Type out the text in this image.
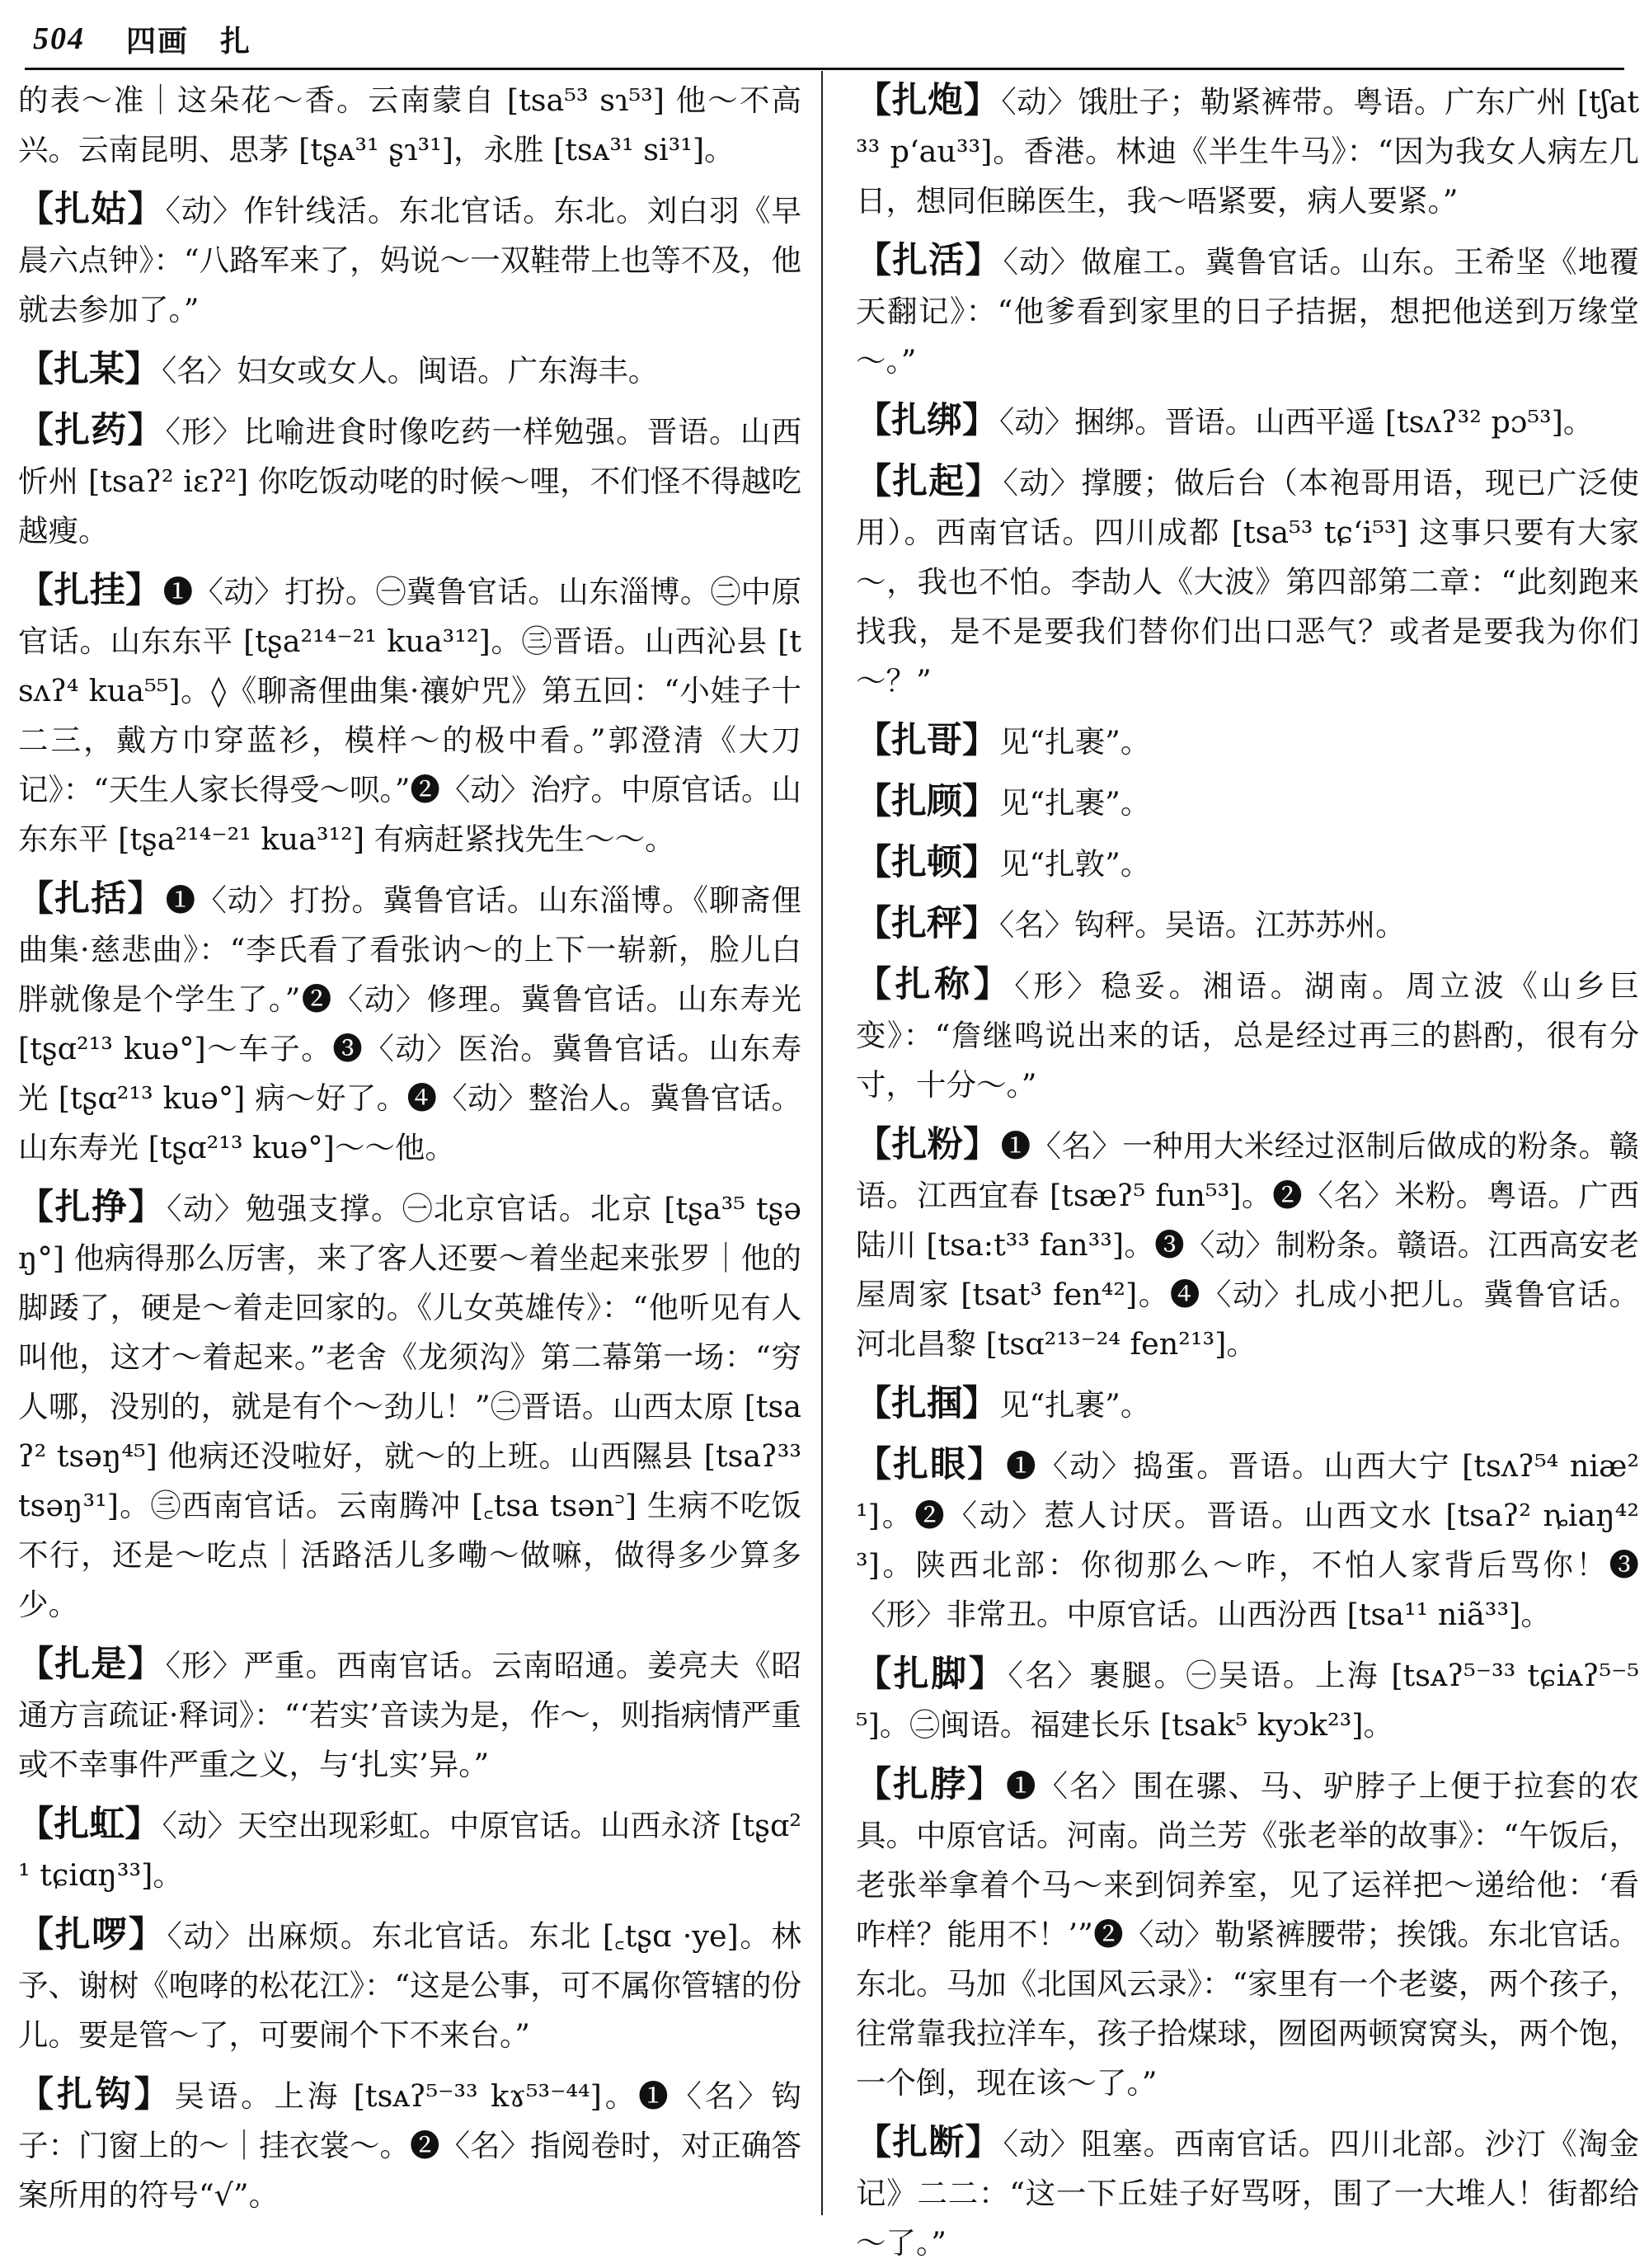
504 四画　扎

的表～准｜这朵花～香。云南蒙自 [tsa⁵³ sɿ⁵³] 他～不高兴。云南昆明、思茅 [tʂᴀ³¹ ʂɿ³¹]，永胜 [tsᴀ³¹ si³¹]。

【扎姑】〈动〉作针线活。东北官话。东北。刘白羽《早晨六点钟》：“八路军来了，妈说～一双鞋带上也等不及，他就去参加了。”

【扎某】〈名〉妇女或女人。闽语。广东海丰。

【扎药】〈形〉比喻进食时像吃药一样勉强。晋语。山西忻州 [tsaʔ² iɛʔ²] 你吃饭动咾的时候～哩，不们怪不得越吃越瘦。

【扎挂】❶〈动〉打扮。㊀冀鲁官话。山东淄博。㊁中原官话。山东东平 [tʂa²¹⁴⁻²¹ kua³¹²]。㊂晋语。山西沁县 [tsᴧʔ⁴ kua⁵⁵]。◊《聊斋俚曲集·禳妒咒》第五回：“小娃子十二三，戴方巾穿蓝衫，模样～的极中看。”郭澄清《大刀记》：“天生人家长得受～呗。”❷〈动〉治疗。中原官话。山东东平 [tʂa²¹⁴⁻²¹ kua³¹²] 有病赶紧找先生～～。

【扎括】❶〈动〉打扮。冀鲁官话。山东淄博。《聊斋俚曲集·慈悲曲》：“李氏看了看张讷～的上下一崭新，脸儿白胖就像是个学生了。”❷〈动〉修理。冀鲁官话。山东寿光 [tʂɑ²¹³ kuə°]～车子。❸〈动〉医治。冀鲁官话。山东寿光 [tʂɑ²¹³ kuə°] 病～好了。❹〈动〉整治人。冀鲁官话。山东寿光 [tʂɑ²¹³ kuə°]～～他。

【扎挣】〈动〉勉强支撑。㊀北京官话。北京 [tʂa³⁵ tʂəŋ°] 他病得那么厉害，来了客人还要～着坐起来张罗｜他的脚踒了，硬是～着走回家的。《儿女英雄传》：“他听见有人叫他，这才～着起来。”老舍《龙须沟》第二幕第一场：“穷人哪，没别的，就是有个～劲儿！”㊁晋语。山西太原 [tsaʔ² tsəŋ⁴⁵] 他病还没啦好，就～的上班。山西隰县 [tsaʔ³³ tsəŋ³¹]。㊂西南官话。云南腾冲 [꜀tsa tsən꜄] 生病不吃饭不行，还是～吃点｜活路活儿多嘞～做嘛，做得多少算多少。

【扎是】〈形〉严重。西南官话。云南昭通。姜亮夫《昭通方言疏证·释词》：“‘若实’音读为是，作～，则指病情严重或不幸事件严重之义，与‘扎实’异。”

【扎虹】〈动〉天空出现彩虹。中原官话。山西永济 [tʂɑ²¹ tɕiɑŋ³³]。

【扎啰】〈动〉出麻烦。东北官话。东北 [꜀tʂɑ ·ye]。林予、谢树《咆哮的松花江》：“这是公事，可不属你管辖的份儿。要是管～了，可要闹个下不来台。”

【扎钩】吴语。上海 [tsᴀʔ⁵⁻³³ kɤ⁵³⁻⁴⁴]。❶〈名〉钩子：门窗上的～｜挂衣裳～。❷〈名〉指阅卷时，对正确答案所用的符号“√”。

【扎炮】〈动〉饿肚子；勒紧裤带。粤语。广东广州 [tʃat³³ pʻau³³]。香港。林迪《半生牛马》：“因为我女人病左几日，想同佢睇医生，我～唔紧要，病人要紧。”

【扎活】〈动〉做雇工。冀鲁官话。山东。王希坚《地覆天翻记》：“他爹看到家里的日子拮据，想把他送到万缘堂～。”

【扎绑】〈动〉捆绑。晋语。山西平遥 [tsᴧʔ³² pɔ⁵³]。

【扎起】〈动〉撑腰；做后台（本袍哥用语，现已广泛使用）。西南官话。四川成都 [tsa⁵³ tɕʻi⁵³] 这事只要有大家～，我也不怕。李劼人《大波》第四部第二章：“此刻跑来找我，是不是要我们替你们出口恶气？或者是要我为你们～？”

【扎哥】见“扎裹”。

【扎顾】见“扎裹”。

【扎顿】见“扎敦”。

【扎秤】〈名〉钩秤。吴语。江苏苏州。

【扎称】〈形〉稳妥。湘语。湖南。周立波《山乡巨变》：“詹继鸣说出来的话，总是经过再三的斟酌，很有分寸，十分～。”

【扎粉】❶〈名〉一种用大米经过沤制后做成的粉条。赣语。江西宜春 [tsæʔ⁵ fun⁵³]。❷〈名〉米粉。粤语。广西陆川 [tsa:t³³ fan³³]。❸〈动〉制粉条。赣语。江西高安老屋周家 [tsat³ fen⁴²]。❹〈动〉扎成小把儿。冀鲁官话。河北昌黎 [tsɑ²¹³⁻²⁴ fen²¹³]。

【扎掴】见“扎裹”。

【扎眼】❶〈动〉捣蛋。晋语。山西大宁 [tsᴧʔ⁵⁴ niæ²¹]。❷〈动〉惹人讨厌。晋语。山西文水 [tsaʔ² ȵiaŋ⁴²³]。陕西北部：你彻那么～咋，不怕人家背后骂你！❸〈形〉非常丑。中原官话。山西汾西 [tsa¹¹ niã³³]。

【扎脚】〈名〉裹腿。㊀吴语。上海 [tsᴀʔ⁵⁻³³ tɕiᴀʔ⁵⁻⁵⁵]。㊁闽语。福建长乐 [tsak⁵ kyɔk²³]。

【扎脖】❶〈名〉围在骡、马、驴脖子上便于拉套的农具。中原官话。河南。尚兰芳《张老举的故事》：“午饭后，老张举拿着个马～来到饲养室，见了运祥把～递给他：‘看咋样？能用不！’”❷〈动〉勒紧裤腰带；挨饿。东北官话。东北。马加《北国风云录》：“家里有一个老婆，两个孩子，往常靠我拉洋车，孩子拾煤球，囫囵两顿窝窝头，两个饱，一个倒，现在该～了。”

【扎断】〈动〉阻塞。西南官话。四川北部。沙汀《淘金记》二二：“这一下丘娃子好骂呀，围了一大堆人！街都给～了。”
